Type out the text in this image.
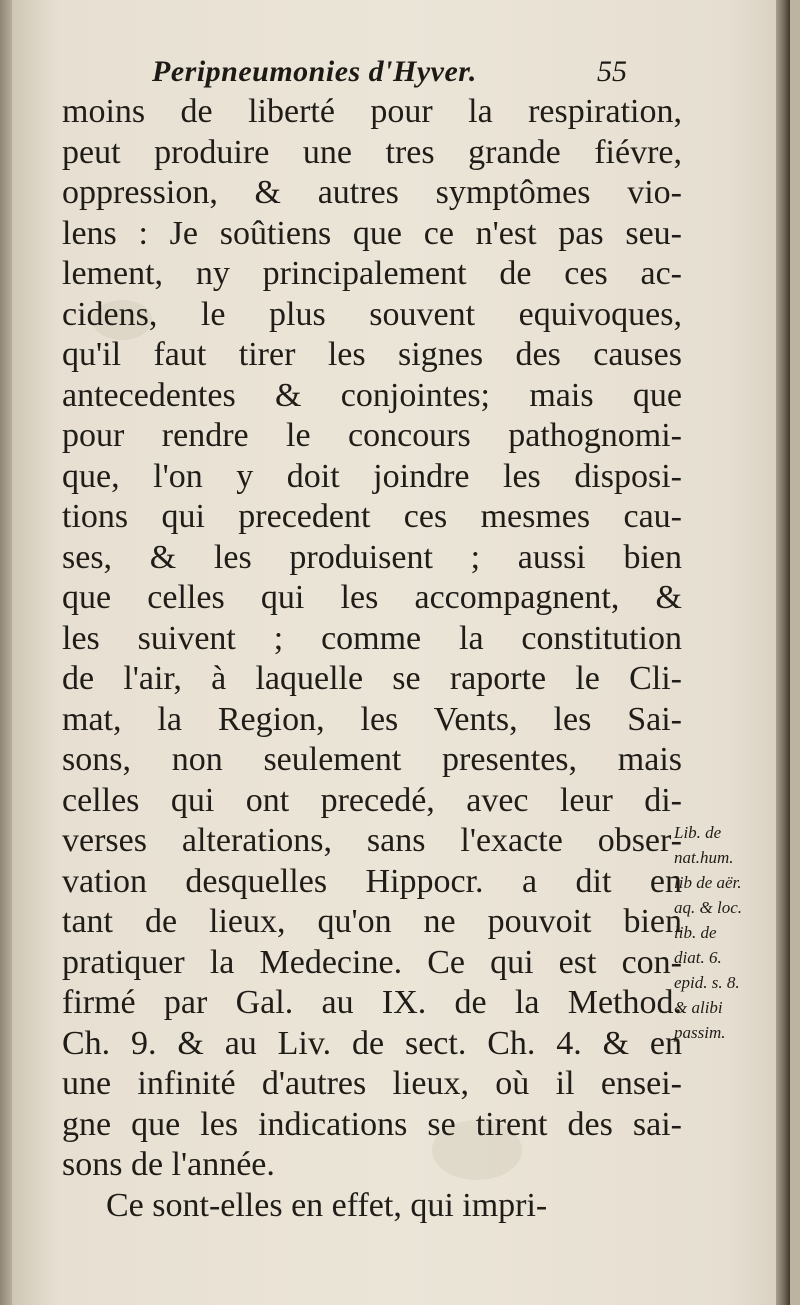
Peripneumonies d'Hyver.	55
moins de liberté pour la respiration,
peut produire une tres grande fiévre,
oppression, & autres symptômes vio-
lens : Je soûtiens que ce n'est pas seu-
lement, ny principalement de ces ac-
cidens, le plus souvent equivoques,
qu'il faut tirer les signes des causes
antecedentes & conjointes; mais que
pour rendre le concours pathognomi-
que, l'on y doit joindre les disposi-
tions qui precedent ces mesmes cau-
ses, & les produisent ; aussi bien
que celles qui les accompagnent, &
les suivent ; comme la constitution
de l'air, à laquelle se raporte le Cli-
mat, la Region, les Vents, les Sai-
sons, non seulement presentes, mais
celles qui ont precedé, avec leur di-
verses alterations, sans l'exacte obser-
vation desquelles Hippocr. a dit en
tant de lieux, qu'on ne pouvoit bien
pratiquer la Medecine. Ce qui est con-
firmé par Gal. au IX. de la Method.
Ch. 9. & au Liv. de sect. Ch. 4. & en
une infinité d'autres lieux, où il ensei-
gne que les indications se tirent des sai-
sons de l'année.
Ce sont-elles en effet, qui impri-
Lib. de
nat.hum.
lib de aër.
aq. & loc.
lib. de
diat. 6.
epid. s. 8.
& alibi
passim.
